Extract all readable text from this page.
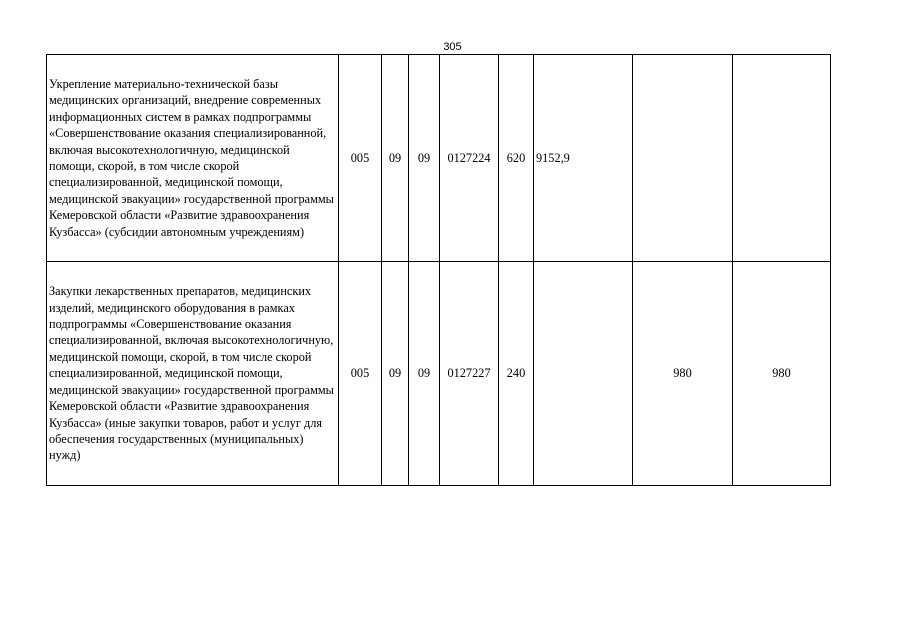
305
Укрепление материально-технической базы медицинских организаций, внедрение современных информационных систем в рамках подпрограммы «Совершенствование оказания специализированной, включая высокотехнологичную, медицинской помощи, скорой, в том числе скорой специализированной, медицинской помощи, медицинской эвакуации» государственной программы Кемеровской области «Развитие здравоохранения Кузбасса» (субсидии автономным учреждениям)	005	09	09	0127224	620	9152,9		
Закупки лекарственных препаратов, медицинских изделий, медицинского оборудования в рамках подпрограммы «Совершенствование оказания специализированной, включая высокотехнологичную, медицинской помощи, скорой, в том числе скорой специализированной, медицинской помощи, медицинской эвакуации» государственной программы Кемеровской области «Развитие здравоохранения Кузбасса» (иные закупки товаров, работ и услуг для обеспечения государственных (муниципальных) нужд)	005	09	09	0127227	240		980	980
